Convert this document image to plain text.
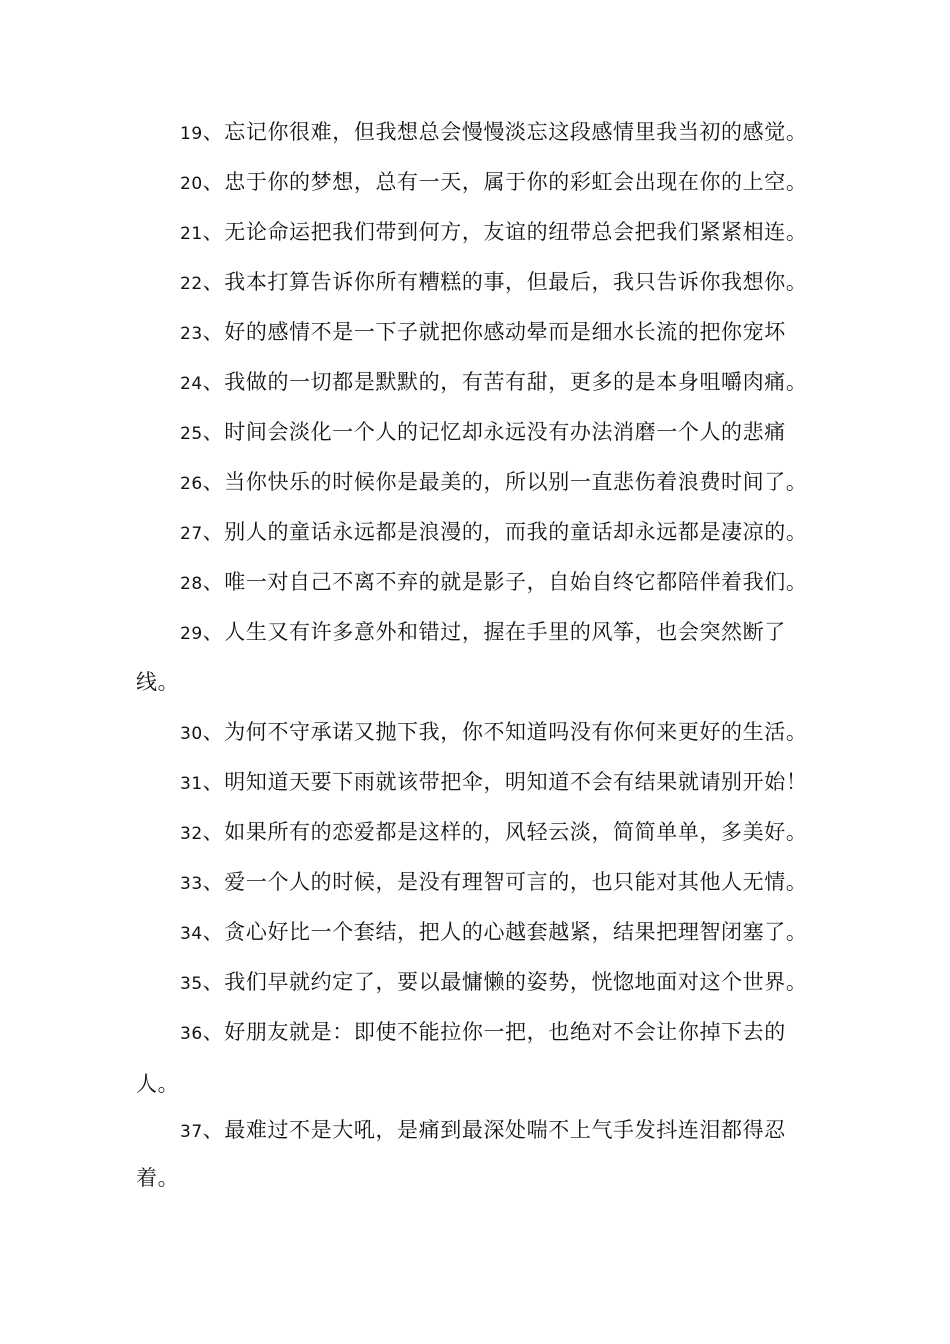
19、忘记你很难，但我想总会慢慢淡忘这段感情里我当初的感觉。
20、忠于你的梦想，总有一天，属于你的彩虹会出现在你的上空。
21、无论命运把我们带到何方，友谊的纽带总会把我们紧紧相连。
22、我本打算告诉你所有糟糕的事，但最后，我只告诉你我想你。
23、好的感情不是一下子就把你感动晕而是细水长流的把你宠坏
24、我做的一切都是默默的，有苦有甜，更多的是本身咀嚼肉痛。
25、时间会淡化一个人的记忆却永远没有办法消磨一个人的悲痛
26、当你快乐的时候你是最美的，所以别一直悲伤着浪费时间了。
27、别人的童话永远都是浪漫的，而我的童话却永远都是凄凉的。
28、唯一对自己不离不弃的就是影子，自始自终它都陪伴着我们。
29、人生又有许多意外和错过，握在手里的风筝，也会突然断了
线。
30、为何不守承诺又抛下我，你不知道吗没有你何来更好的生活。
31、明知道天要下雨就该带把伞，明知道不会有结果就请别开始！
32、如果所有的恋爱都是这样的，风轻云淡，简简单单，多美好。
33、爱一个人的时候，是没有理智可言的，也只能对其他人无情。
34、贪心好比一个套结，把人的心越套越紧，结果把理智闭塞了。
35、我们早就约定了，要以最慵懒的姿势，恍惚地面对这个世界。
36、好朋友就是：即使不能拉你一把，也绝对不会让你掉下去的
人。
37、最难过不是大吼，是痛到最深处喘不上气手发抖连泪都得忍
着。
